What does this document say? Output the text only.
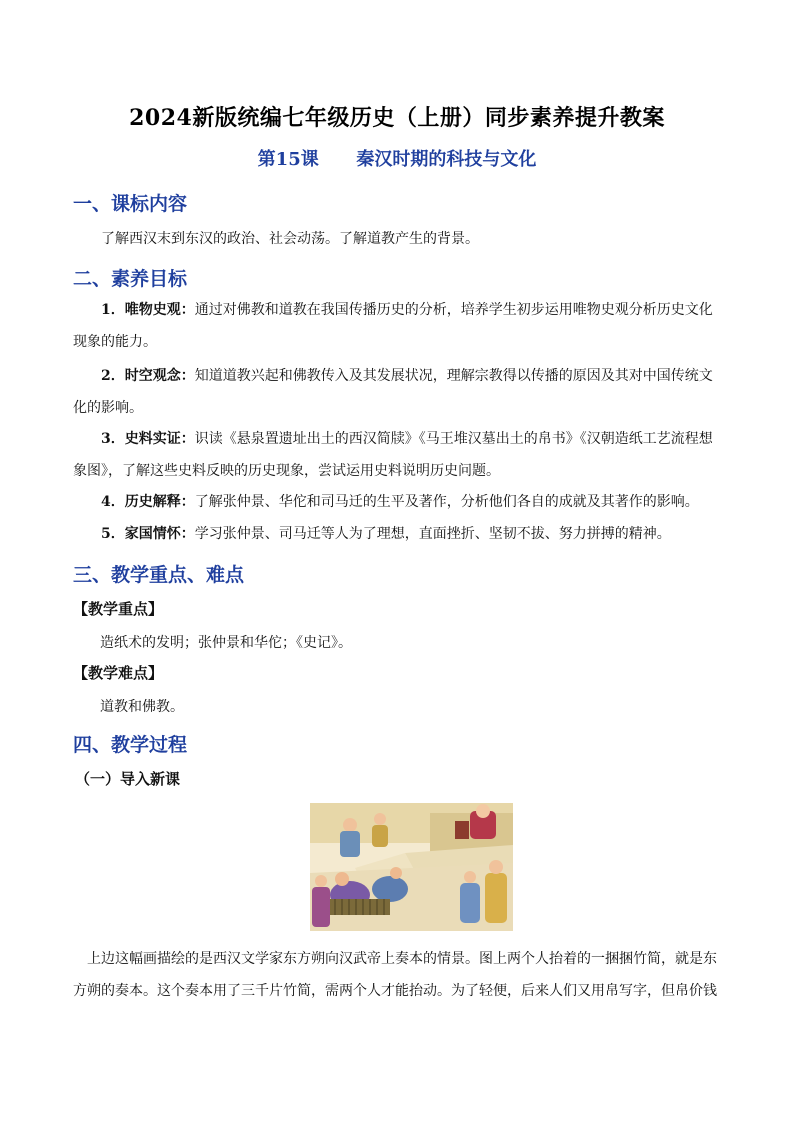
2024新版统编七年级历史（上册）同步素养提升教案
第15课      秦汉时期的科技与文化
一、课标内容
了解西汉末到东汉的政治、社会动荡。了解道教产生的背景。
二、素养目标
1．唯物史观：通过对佛教和道教在我国传播历史的分析，培养学生初步运用唯物史观分析历史文化现象的能力。
2．时空观念：知道道教兴起和佛教传入及其发展状况，理解宗教得以传播的原因及其对中国传统文化的影响。
3．史料实证：识读《悬泉置遗址出土的西汉简牍》《马王堆汉墓出土的帛书》《汉朝造纸工艺流程想象图》，了解这些史料反映的历史现象，尝试运用史料说明历史问题。
4．历史解释：了解张仲景、华佗和司马迁的生平及著作，分析他们各自的成就及其著作的影响。
5．家国情怀：学习张仲景、司马迁等人为了理想，直面挫折、坚韧不拔、努力拼搏的精神。
三、教学重点、难点
【教学重点】
造纸术的发明；张仲景和华佗；《史记》。
【教学难点】
道教和佛教。
四、教学过程
（一）导入新课
上边这幅画描绘的是西汉文学家东方朔向汉武帝上奏本的情景。图上两个人抬着的一捆捆竹简，就是东方朔的奏本。这个奏本用了三千片竹简，需两个人才能抬动。为了轻便，后来人们又用帛写字，但帛价钱
